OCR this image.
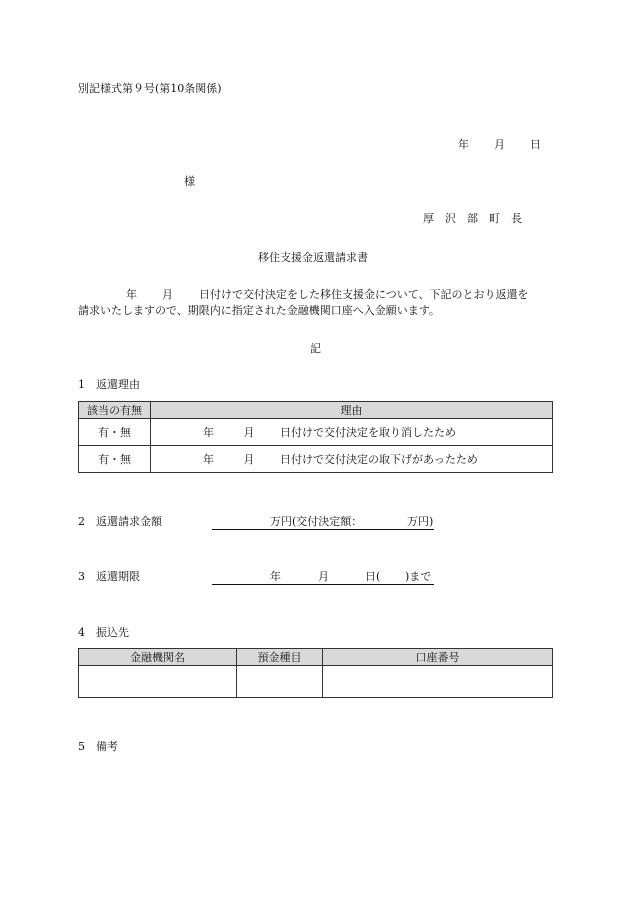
別記様式第９号(第10条関係)
年 月 日
様
厚　沢　部　町　長
移住支援金返還請求書
年 月 日付けで交付決定をした移住支援金について、下記のとおり返還を
請求いたしますので、期限内に指定された金融機関口座へ入金願います。
記
1　返還理由
該当の有無	理由
有・無	年 月 日付けで交付決定を取り消したため
有・無	年 月 日付けで交付決定の取下げがあったため
2　返還請求金額	万円(交付決定額：	万円)
3　返還期限	年	月	日( )まで
4　振込先
金融機関名	預金種目	口座番号

5　備考
